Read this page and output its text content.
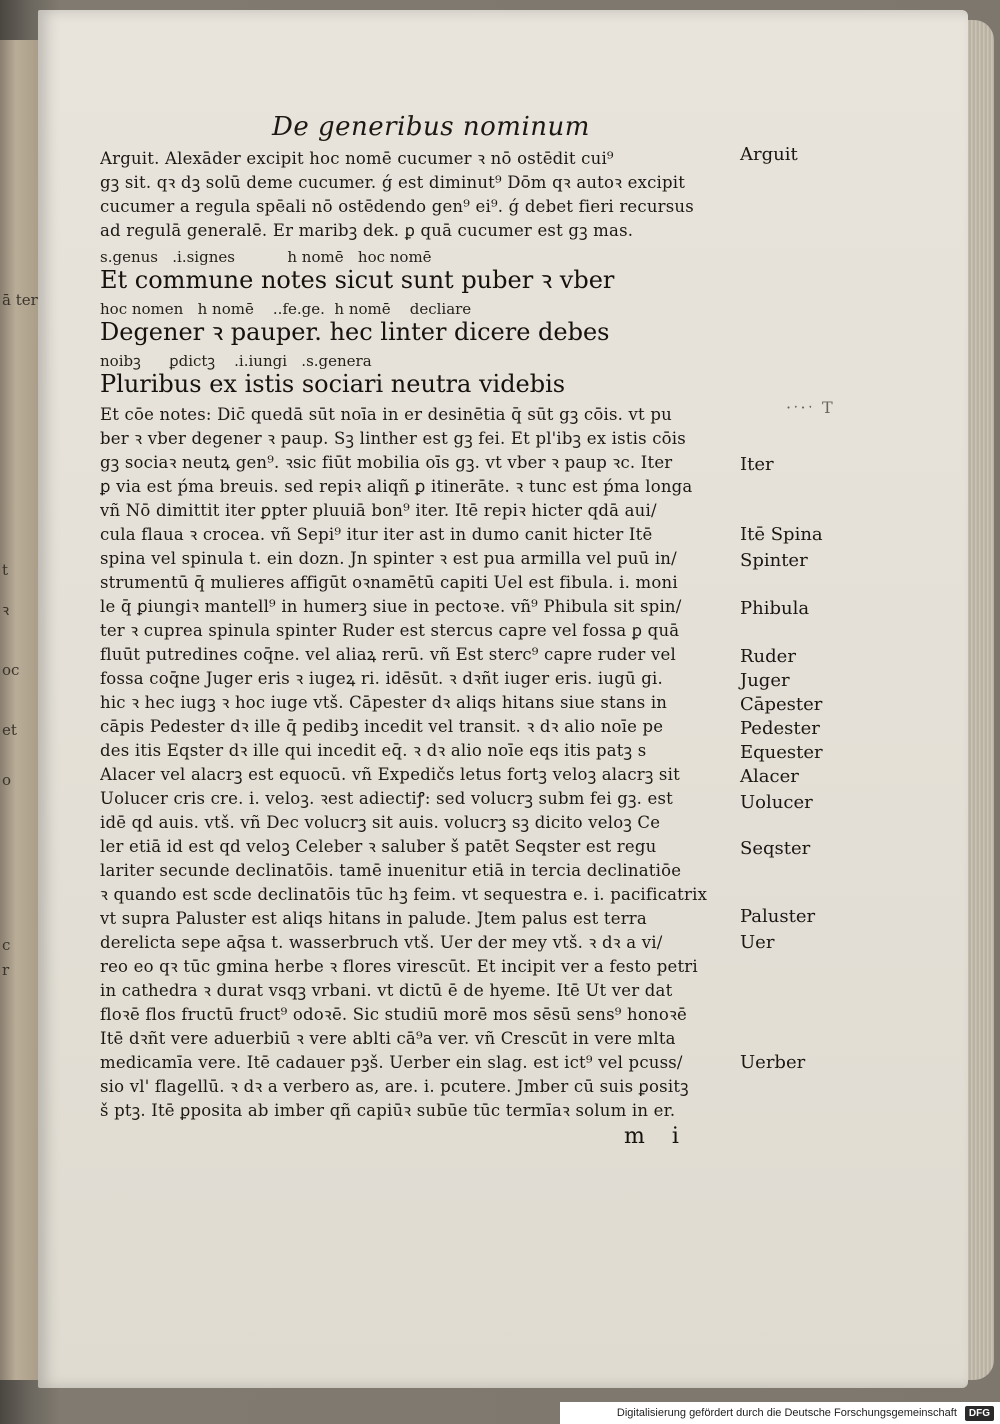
ā ter
t
ꝛ
oc
et
o
c
r
De generibus nominum
Arguit. Alexāder excipit hoc nomē cucumer ꝛ nō ostēdit cui⁹
gꝫ sit. qꝛ dꝫ solū deme cucumer. ǵ est diminut⁹ Dōm qꝛ autoꝛ excipit
cucumer a regula spēali nō ostēdendo gen⁹ ei⁹. ǵ debet fieri recursus
ad regulā generalē. Er maribꝫ dek. ꝑ quā cucumer est gꝫ mas.
s.genus   .i.signes           h nomē   hoc nomē
Et commune notes sicut sunt puber ꝛ vber
hoc nomen   h nomē    ..fe.ge.  h nomē    decliare
Degener ꝛ pauper. hec linter dicere debes
noibꝫ      ꝑdictꝫ    .i.iungi   .s.genera
Pluribus ex istis sociari neutra videbis
Et cōe notes: Dic̄ quedā sūt noīa in er desinētia q̄ sūt gꝫ cōis. vt pu
ber ꝛ vber degener ꝛ paup. Sꝫ linther est gꝫ fei. Et pl'ibꝫ ex istis cōis
gꝫ sociaꝛ neutꝝ gen⁹. ꝛsic fiūt mobilia oīs gꝫ. vt vber ꝛ paup ꝛc. Iter
ꝑ via est ṕma breuis. sed repiꝛ aliqñ ꝑ itinerāte. ꝛ tunc est ṕma longa
vñ Nō dimittit iter ꝑpter pluuiā bon⁹ iter. Itē repiꝛ hicter qdā aui/
cula flaua ꝛ crocea. vñ Sepi⁹ itur iter ast in dumo canit hicter Itē
spina vel spinula t. ein dozn. Jn spinter ꝛ est pua armilla vel puū in/
strumentū q̄ mulieres affigūt oꝛnamētū capiti Uel est fibula. i. moni
le q̄ ꝑiungiꝛ mantell⁹ in humerꝫ siue in pectoꝛe. vñ⁹ Phibula sit spin/
ter ꝛ cuprea spinula spinter Ruder est stercus capre vel fossa ꝑ quā
fluūt putredines coq̄ne. vel aliaꝝ rerū. vñ Est sterc⁹ capre ruder vel
fossa coq̄ne Juger eris ꝛ iugeꝝ ri. idēsūt. ꝛ dꝛñt iuger eris. iugū gi.
hic ꝛ hec iugꝫ ꝛ hoc iuge vtš. Cāpester dꝛ aliqs hitans siue stans in
cāpis Pedester dꝛ ille q̄ pedibꝫ incedit vel transit. ꝛ dꝛ alio noīe pe
des itis Eqster dꝛ ille qui incedit eq̄. ꝛ dꝛ alio noīe eqs itis patꝫ s
Alacer vel alacrꝫ est equocū. vñ Expedičs letus fortꝫ veloꝫ alacrꝫ sit
Uolucer cris cre. i. veloꝫ. ꝛest adiectiꝭ: sed volucrꝫ subm fei gꝫ. est
idē qd auis. vtš. vñ Dec volucrꝫ sit auis. volucrꝫ sꝫ dicito veloꝫ Ce
ler etiā id est qd veloꝫ Celeber ꝛ saluber š patēt Seqster est regu
lariter secunde declinatōis. tamē inuenitur etiā in tercia declinatiōe
ꝛ quando est scde declinatōis tūc hꝫ feim. vt sequestra e. i. pacificatrix
vt supra Paluster est aliqs hitans in palude. Jtem palus est terra
derelicta sepe aq̄sa t. wasserbruch vtš. Uer der mey vtš. ꝛ dꝛ a vi/
reo eo qꝛ tūc gmina herbe ꝛ flores virescūt. Et incipit ver a festo petri
in cathedra ꝛ durat vsqꝫ vrbani. vt dictū ē de hyeme. Itē Ut ver dat
floꝛē flos fructū fruct⁹ odoꝛē. Sic studiū morē mos sēsū sens⁹ honoꝛē
Itē dꝛñt vere aduerbiū ꝛ vere ablti cā⁹a ver. vñ Crescūt in vere mlta
medicamīa vere. Itē cadauer pꝫš. Uerber ein slag. est ict⁹ vel pcuss/
sio vl' flagellū. ꝛ dꝛ a verbero as, are. i. pcutere. Jmber cū suis ꝑositꝫ
š ptꝫ. Itē ꝑposita ab imber qñ capiūꝛ subūe tūc termīaꝛ solum in er.
Arguit
Iter
Itē Spina
Spinter
Phibula
Ruder
Juger
Cāpester
Pedester
Equester
Alacer
Uolucer
Seqster
Paluster
Uer
Uerber
·ˑ·ˑ T
m i
Digitalisierung gefördert durch die Deutsche Forschungsgemeinschaft	DFG
